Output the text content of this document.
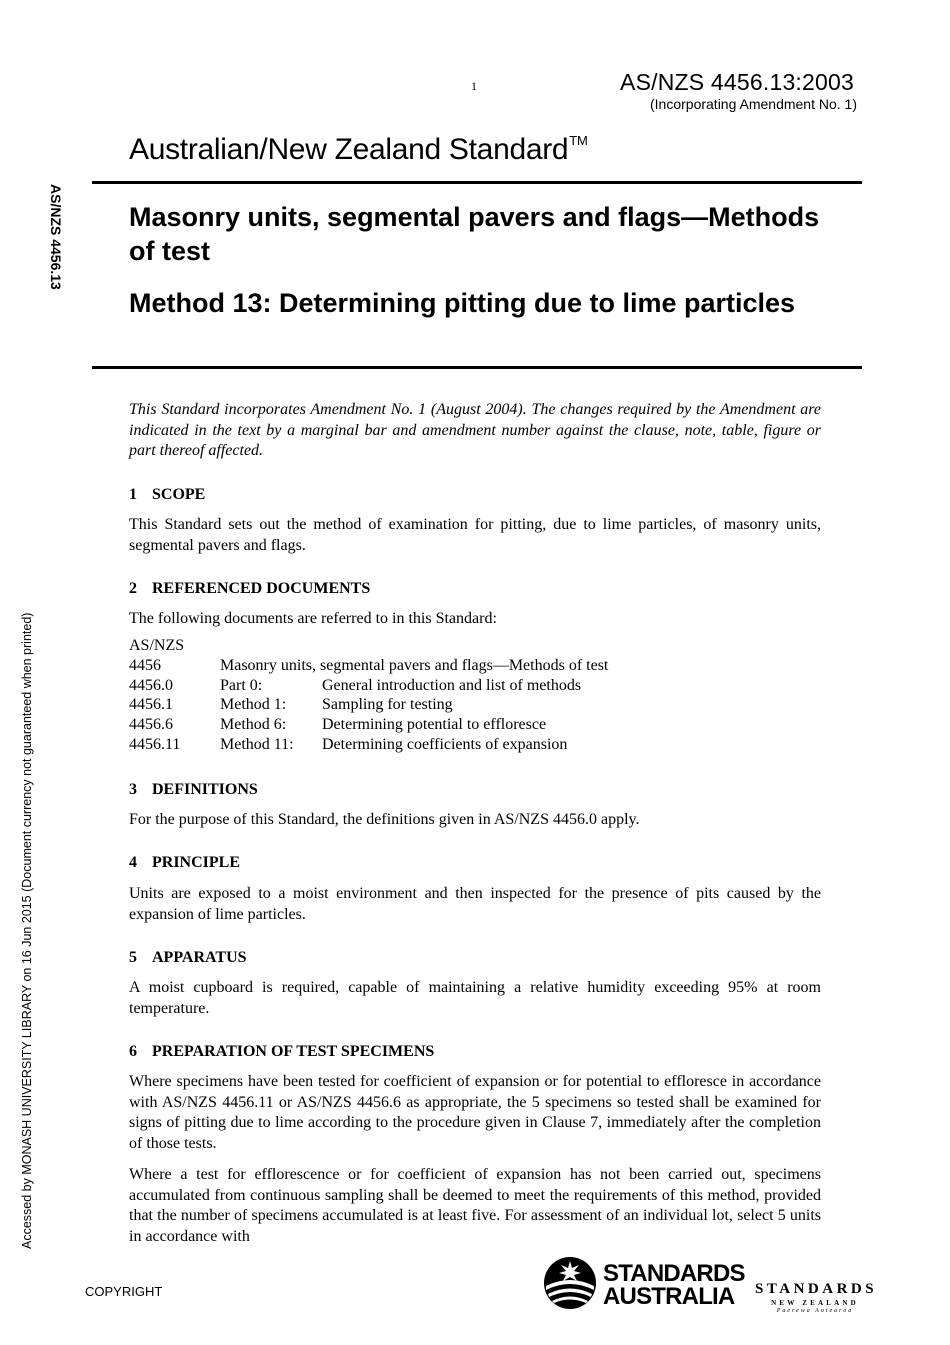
1	AS/NZS 4456.13:2003
(Incorporating Amendment No. 1)
Australian/New Zealand Standard™
Masonry units, segmental pavers and flags—Methods of test
Method 13: Determining pitting due to lime particles
AS/NZS 4456.13
Accessed by MONASH UNIVERSITY LIBRARY on 16 Jun 2015 (Document currency not guaranteed when printed)
This Standard incorporates Amendment No. 1 (August 2004). The changes required by the Amendment are indicated in the text by a marginal bar and amendment number against the clause, note, table, figure or part thereof affected.
1 SCOPE
This Standard sets out the method of examination for pitting, due to lime particles, of masonry units, segmental pavers and flags.
2 REFERENCED DOCUMENTS
The following documents are referred to in this Standard:
AS/NZS		
4456	Masonry units, segmental pavers and flags—Methods of test	
4456.0	Part 0:	General introduction and list of methods
4456.1	Method 1:	Sampling for testing
4456.6	Method 6:	Determining potential to effloresce
4456.11	Method 11:	Determining coefficients of expansion
3 DEFINITIONS
For the purpose of this Standard, the definitions given in AS/NZS 4456.0 apply.
4 PRINCIPLE
Units are exposed to a moist environment and then inspected for the presence of pits caused by the expansion of lime particles.
5 APPARATUS
A moist cupboard is required, capable of maintaining a relative humidity exceeding 95% at room temperature.
6 PREPARATION OF TEST SPECIMENS
Where specimens have been tested for coefficient of expansion or for potential to effloresce in accordance with AS/NZS 4456.11 or AS/NZS 4456.6 as appropriate, the 5 specimens so tested shall be examined for signs of pitting due to lime according to the procedure given in Clause 7, immediately after the completion of those tests.
Where a test for efflorescence or for coefficient of expansion has not been carried out, specimens accumulated from continuous sampling shall be deemed to meet the requirements of this method, provided that the number of specimens accumulated is at least five. For assessment of an individual lot, select 5 units in accordance with
COPYRIGHT
STANDARDS
AUSTRALIA STANDARDS
NEW ZEALAND
Paerewa Aotearoa
